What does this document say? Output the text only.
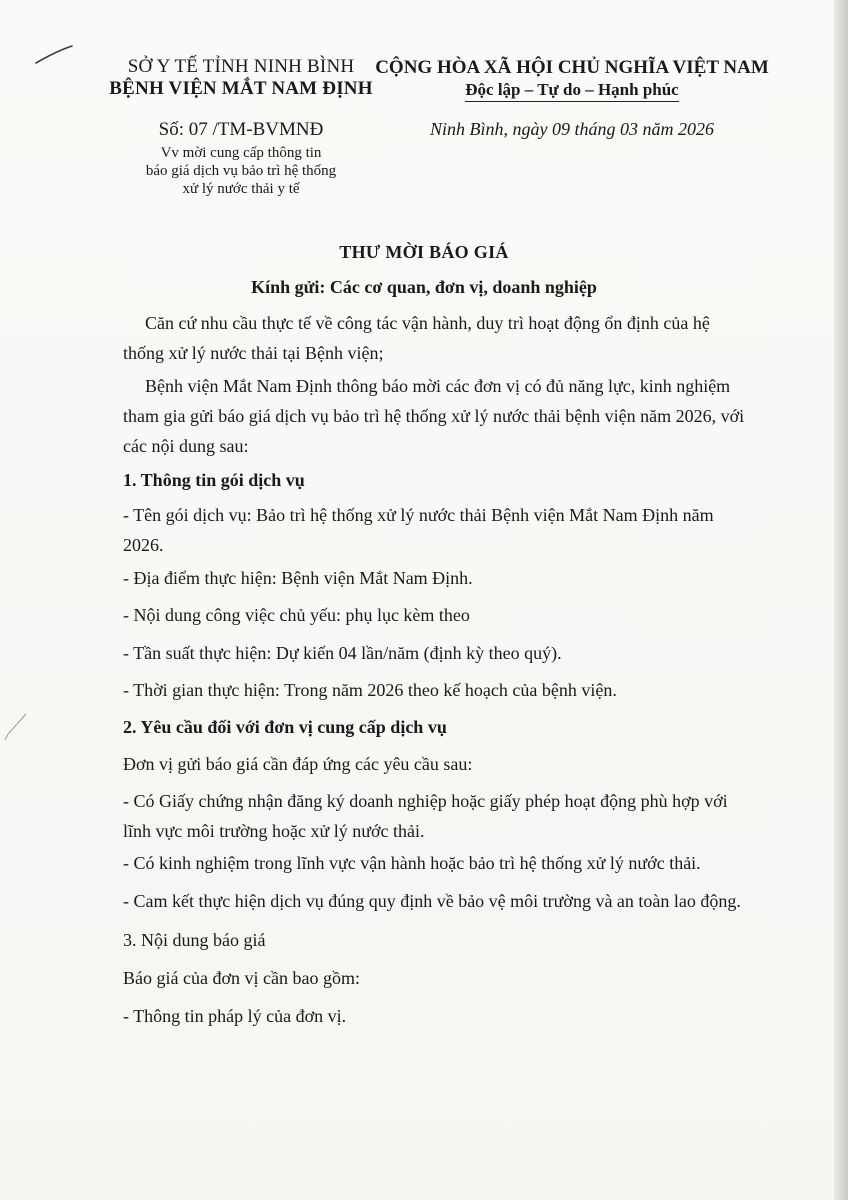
SỞ Y TẾ TỈNH NINH BÌNH
BỆNH VIỆN MẮT NAM ĐỊNH
CỘNG HÒA XÃ HỘI CHỦ NGHĨA VIỆT NAM
Độc lập – Tự do – Hạnh phúc
Số: 07 /TM-BVMNĐ
Vv mời cung cấp thông tin
báo giá dịch vụ bảo trì hệ thống
xử lý nước thải y tế
Ninh Bình, ngày 09 tháng 03 năm 2026
THƯ MỜI BÁO GIÁ
Kính gửi: Các cơ quan, đơn vị, doanh nghiệp
Căn cứ nhu cầu thực tế về công tác vận hành, duy trì hoạt động ổn định của hệ thống xử lý nước thải tại Bệnh viện;
Bệnh viện Mắt Nam Định thông báo mời các đơn vị có đủ năng lực, kinh nghiệm tham gia gửi báo giá dịch vụ bảo trì hệ thống xử lý nước thải bệnh viện năm 2026, với các nội dung sau:
1. Thông tin gói dịch vụ
- Tên gói dịch vụ: Bảo trì hệ thống xử lý nước thải Bệnh viện Mắt Nam Định năm 2026.
- Địa điểm thực hiện: Bệnh viện Mắt Nam Định.
- Nội dung công việc chủ yếu: phụ lục kèm theo
- Tần suất thực hiện: Dự kiến 04 lần/năm (định kỳ theo quý).
- Thời gian thực hiện: Trong năm 2026 theo kế hoạch của bệnh viện.
2. Yêu cầu đối với đơn vị cung cấp dịch vụ
Đơn vị gửi báo giá cần đáp ứng các yêu cầu sau:
- Có Giấy chứng nhận đăng ký doanh nghiệp hoặc giấy phép hoạt động phù hợp với lĩnh vực môi trường hoặc xử lý nước thải.
- Có kinh nghiệm trong lĩnh vực vận hành hoặc bảo trì hệ thống xử lý nước thải.
- Cam kết thực hiện dịch vụ đúng quy định về bảo vệ môi trường và an toàn lao động.
3. Nội dung báo giá
Báo giá của đơn vị cần bao gồm:
- Thông tin pháp lý của đơn vị.
